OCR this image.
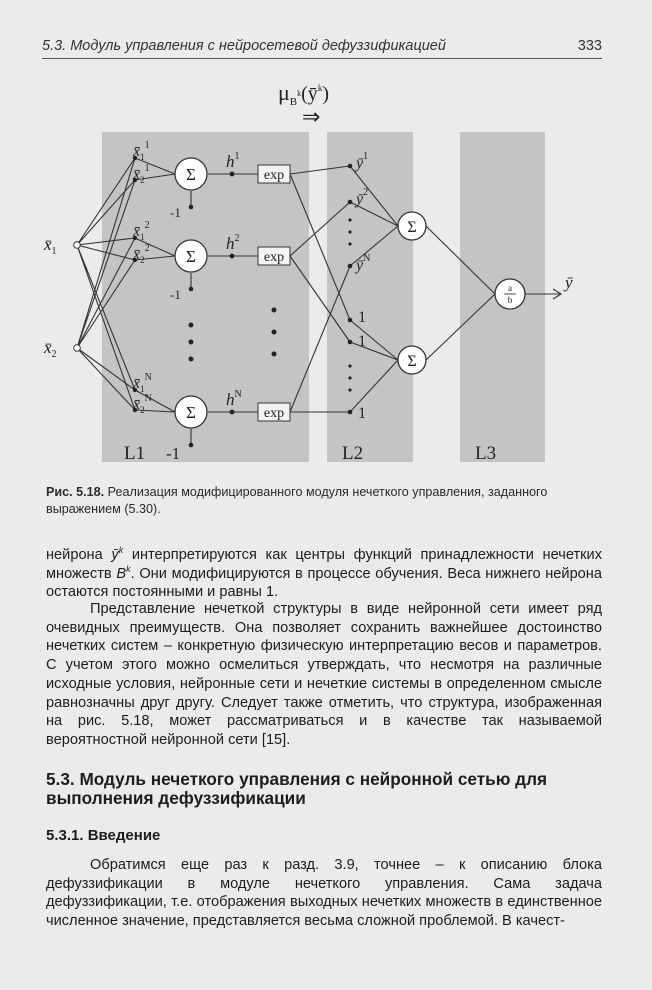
5.3. Модуль управления с нейросетевой дефуззификацией	333
$\mu_B^k(ȳ^k)$
⇒
$x̄_1$
$x̄_2$
$x̄_1^1$
$x̄_2^1$
$x̄_1^2$
$x̄_2^2$
$x̄_1^N$
$x̄_2^N$
Σ
Σ
Σ
Σ
Σ
-1
-1
-1
$h^1$
$h^2$
$h^N$
exp
exp
exp
$ȳ^1$
$ȳ^2$
$ȳ^N$
1
1
1
a
b
ȳ
L1	L2	L3
Рис. 5.18. Реализация модифицированного модуля нечеткого управления, заданного выражением (5.30).

нейрона $ȳ^k$ интерпретируются как центры функций принадлежности нечетких множеств $B^k$. Они модифицируются в процессе обучения. Веса нижнего нейрона остаются постоянными и равны 1.

Представление нечеткой структуры в виде нейронной сети имеет ряд очевидных преимуществ. Она позволяет сохранить важнейшее достоинство нечетких систем – конкретную физическую интерпретацию весов и параметров. С учетом этого можно осмелиться утверждать, что несмотря на различные исходные условия, нейронные сети и нечеткие системы в определенном смысле равнозначны друг другу. Следует также отметить, что структура, изображенная на рис. 5.18, может рассматриваться и в качестве так называемой вероятностной нейронной сети [15].

5.3. Модуль нечеткого управления с нейронной сетью для выполнения дефуззификации
5.3.1. Введение

Обратимся еще раз к разд. 3.9, точнее – к описанию блока дефуззификации в модуле нечеткого управления. Сама задача дефуззификации, т.е. отображения выходных нечетких множеств в единственное численное значение, представляется весьма сложной проблемой. В качест-
